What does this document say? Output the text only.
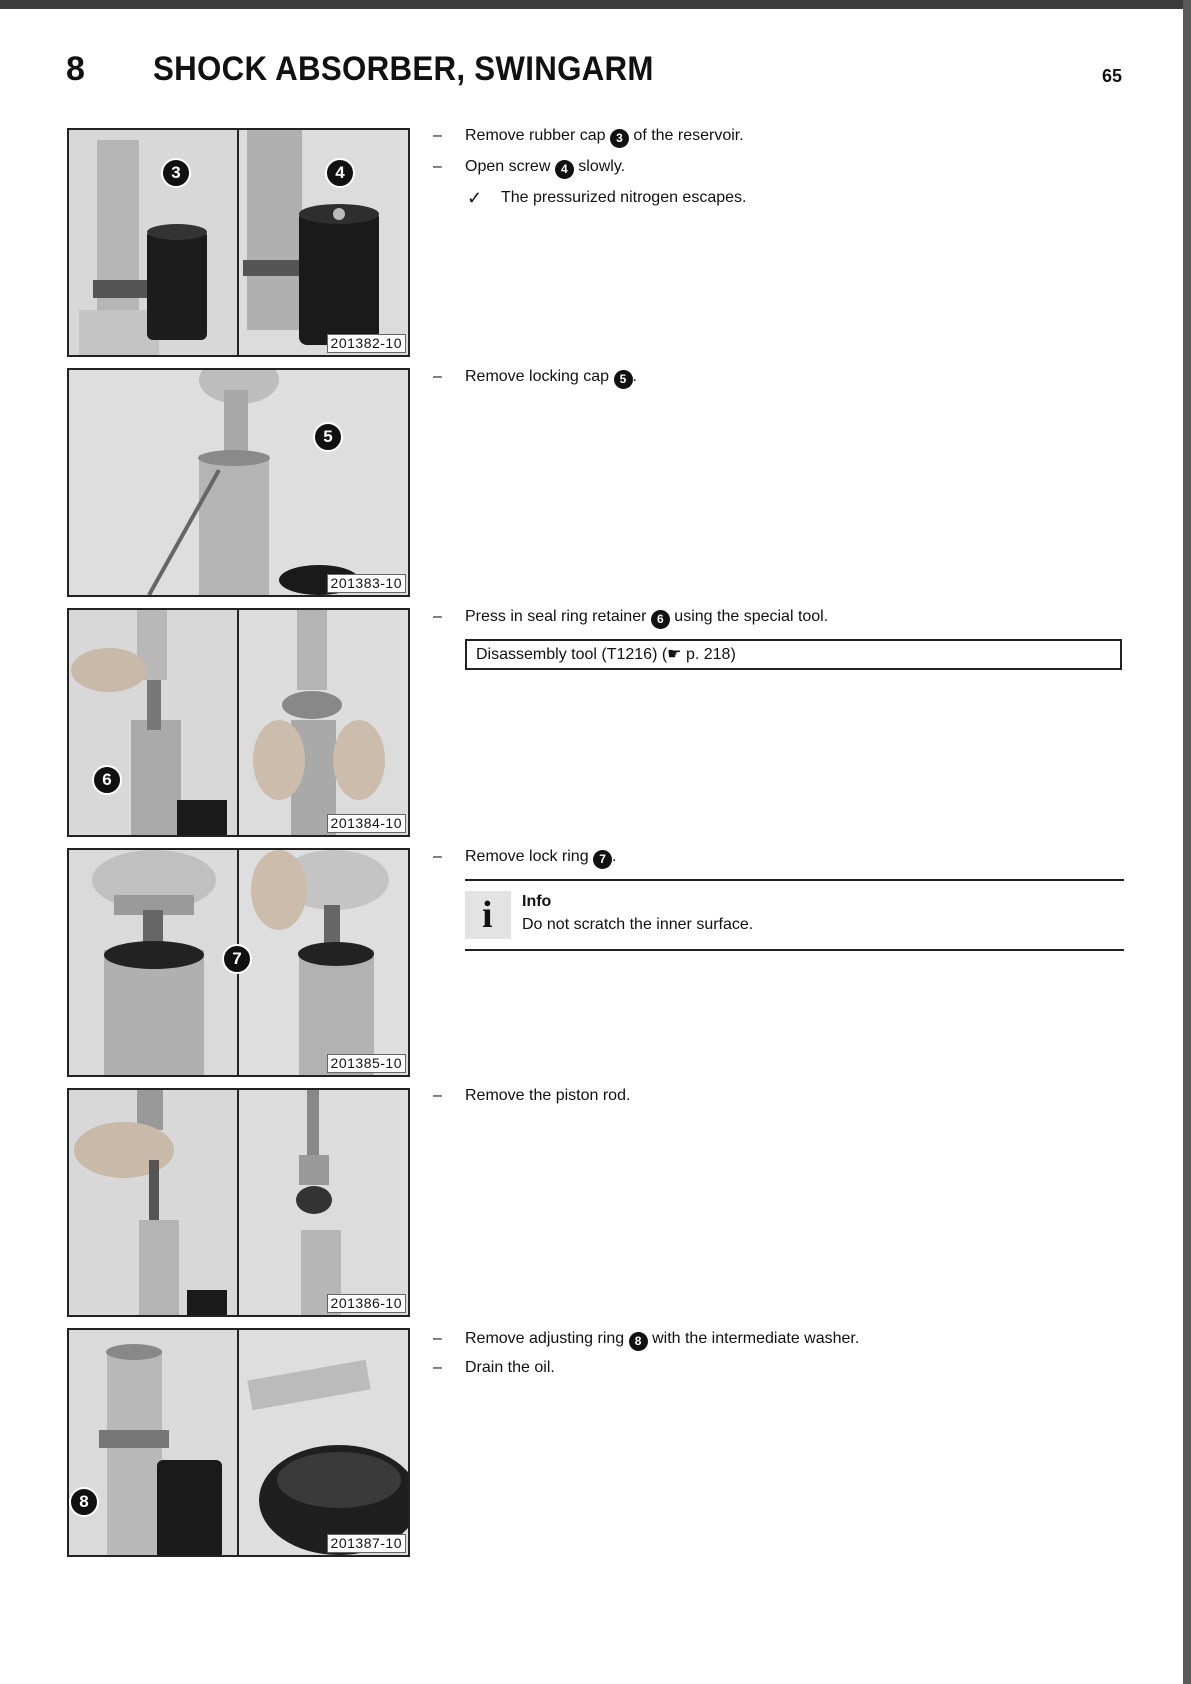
8 SHOCK ABSORBER, SWINGARM	65
3	4
201382-10
5
201383-10
6
201384-10
201385-10
7
201386-10
8
201387-10
– Remove rubber cap 3 of the reservoir.
– Open screw 4 slowly.
✓ The pressurized nitrogen escapes.
– Remove locking cap 5 .
– Press in seal ring retainer 6 using the special tool.
Disassembly tool (T1216) (☛ p. 218)
– Remove lock ring 7 .
i Info
Do not scratch the inner surface.
– Remove the piston rod.
– Remove adjusting ring 8 with the intermediate washer.
– Drain the oil.
